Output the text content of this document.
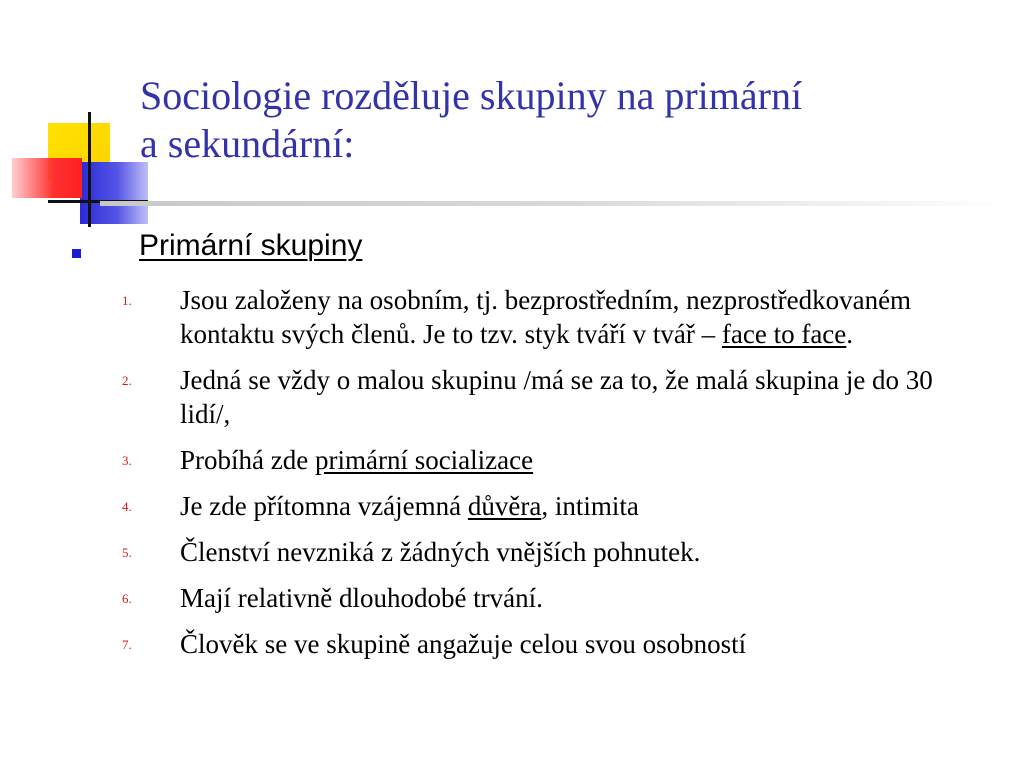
Sociologie rozděluje skupiny na primární
a sekundární:
Primární skupiny
1. Jsou založeny na osobním, tj. bezprostředním, nezprostředkovaném kontaktu svých členů. Je to tzv. styk tváří v tvář – face to face.
2. Jedná se vždy o malou skupinu /má se za to, že malá skupina je do 30 lidí/,
3. Probíhá zde primární socializace
4. Je zde přítomna vzájemná důvěra, intimita
5. Členství nevzniká z žádných vnějších pohnutek.
6. Mají relativně dlouhodobé trvání.
7. Člověk se ve skupině angažuje celou svou osobností
